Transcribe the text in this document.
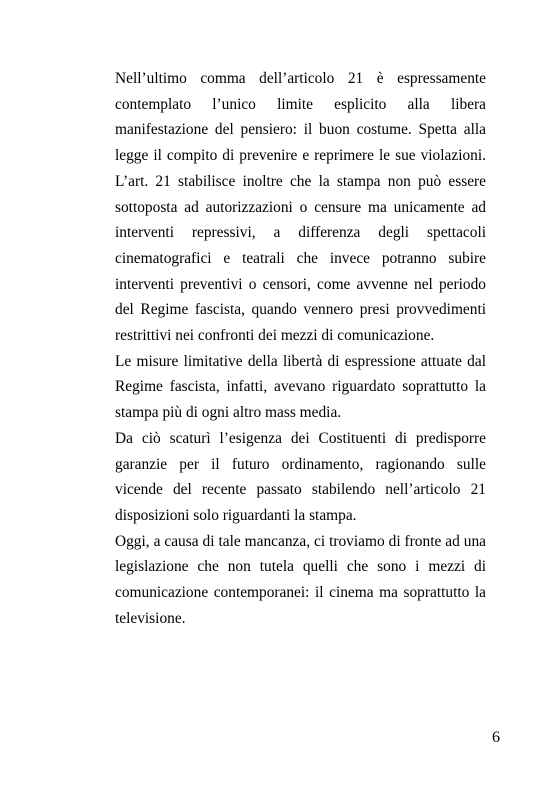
Nell’ultimo comma dell’articolo 21 è espressamente contemplato l’unico limite esplicito alla libera manifestazione del pensiero: il buon costume. Spetta alla legge il compito di prevenire e reprimere le sue violazioni. L’art. 21 stabilisce inoltre che la stampa non può essere sottoposta ad autorizzazioni o censure ma unicamente ad interventi repressivi, a differenza degli spettacoli cinematografici e teatrali che invece potranno subire interventi preventivi o censori, come avvenne nel periodo del Regime fascista, quando vennero presi provvedimenti restrittivi nei confronti dei mezzi di comunicazione.

Le misure limitative della libertà di espressione attuate dal Regime fascista, infatti, avevano riguardato soprattutto la stampa più di ogni altro mass media.

Da ciò scaturì l’esigenza dei Costituenti di predisporre garanzie per il futuro ordinamento, ragionando sulle vicende del recente passato stabilendo nell’articolo 21 disposizioni solo riguardanti la stampa.

Oggi, a causa di tale mancanza, ci troviamo di fronte ad una legislazione che non tutela quelli che sono i mezzi di comunicazione contemporanei: il cinema ma soprattutto la televisione.

6
